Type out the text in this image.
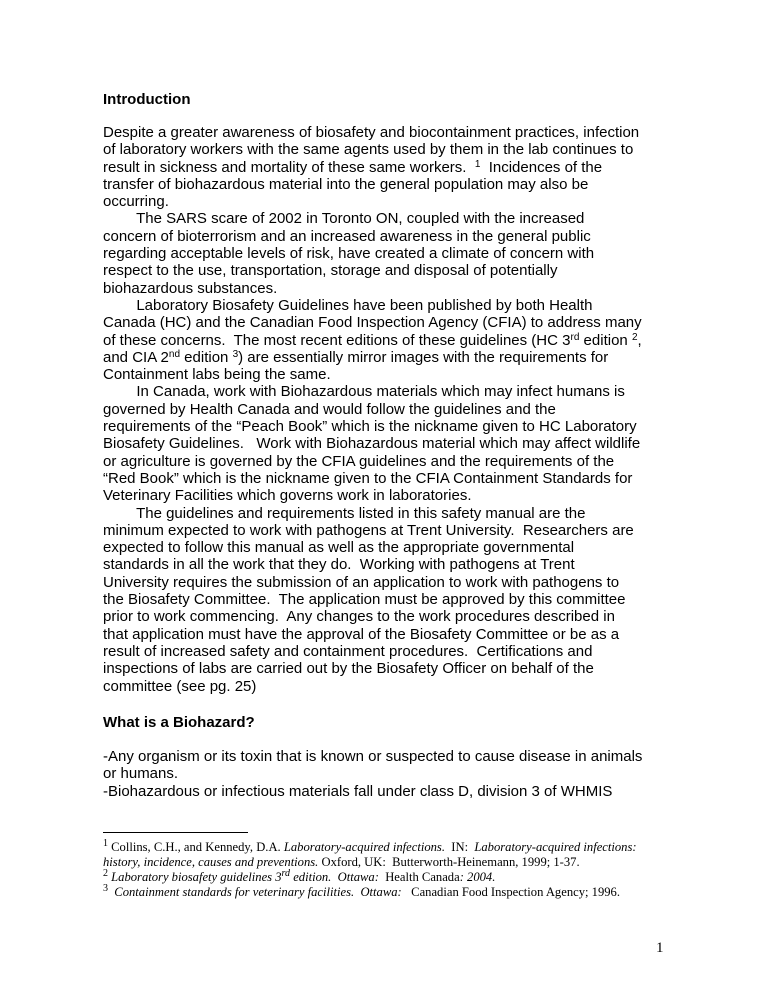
Introduction
Despite a greater awareness of biosafety and biocontainment practices, infection
of laboratory workers with the same agents used by them in the lab continues to
result in sickness and mortality of these same workers.  $^1$  Incidences of the
transfer of biohazardous material into the general population may also be
occurring.
The SARS scare of 2002 in Toronto ON, coupled with the increased
concern of bioterrorism and an increased awareness in the general public
regarding acceptable levels of risk, have created a climate of concern with
respect to the use, transportation, storage and disposal of potentially
biohazardous substances.
Laboratory Biosafety Guidelines have been published by both Health
Canada (HC) and the Canadian Food Inspection Agency (CFIA) to address many
of these concerns.  The most recent editions of these guidelines (HC 3rd edition $^2$,
and CIA 2nd edition $^3$) are essentially mirror images with the requirements for
Containment labs being the same.
In Canada, work with Biohazardous materials which may infect humans is
governed by Health Canada and would follow the guidelines and the
requirements of the “Peach Book” which is the nickname given to HC Laboratory
Biosafety Guidelines.   Work with Biohazardous material which may affect wildlife
or agriculture is governed by the CFIA guidelines and the requirements of the
“Red Book” which is the nickname given to the CFIA Containment Standards for
Veterinary Facilities which governs work in laboratories.
The guidelines and requirements listed in this safety manual are the
minimum expected to work with pathogens at Trent University.  Researchers are
expected to follow this manual as well as the appropriate governmental
standards in all the work that they do.  Working with pathogens at Trent
University requires the submission of an application to work with pathogens to
the Biosafety Committee.  The application must be approved by this committee
prior to work commencing.  Any changes to the work procedures described in
that application must have the approval of the Biosafety Committee or be as a
result of increased safety and containment procedures.  Certifications and
inspections of labs are carried out by the Biosafety Officer on behalf of the
committee (see pg. 25)
What is a Biohazard?
-Any organism or its toxin that is known or suspected to cause disease in animals
or humans.
-Biohazardous or infectious materials fall under class D, division 3 of WHMIS
$^1$ Collins, C.H., and Kennedy, D.A. Laboratory-acquired infections.  IN:  Laboratory-acquired infections:
history, incidence, causes and preventions. Oxford, UK:  Butterworth-Heinemann, 1999; 1-37.
$^2$ Laboratory biosafety guidelines 3rd edition.  Ottawa:  Health Canada: 2004.
$^3$  Containment standards for veterinary facilities.  Ottawa:   Canadian Food Inspection Agency; 1996.
1
